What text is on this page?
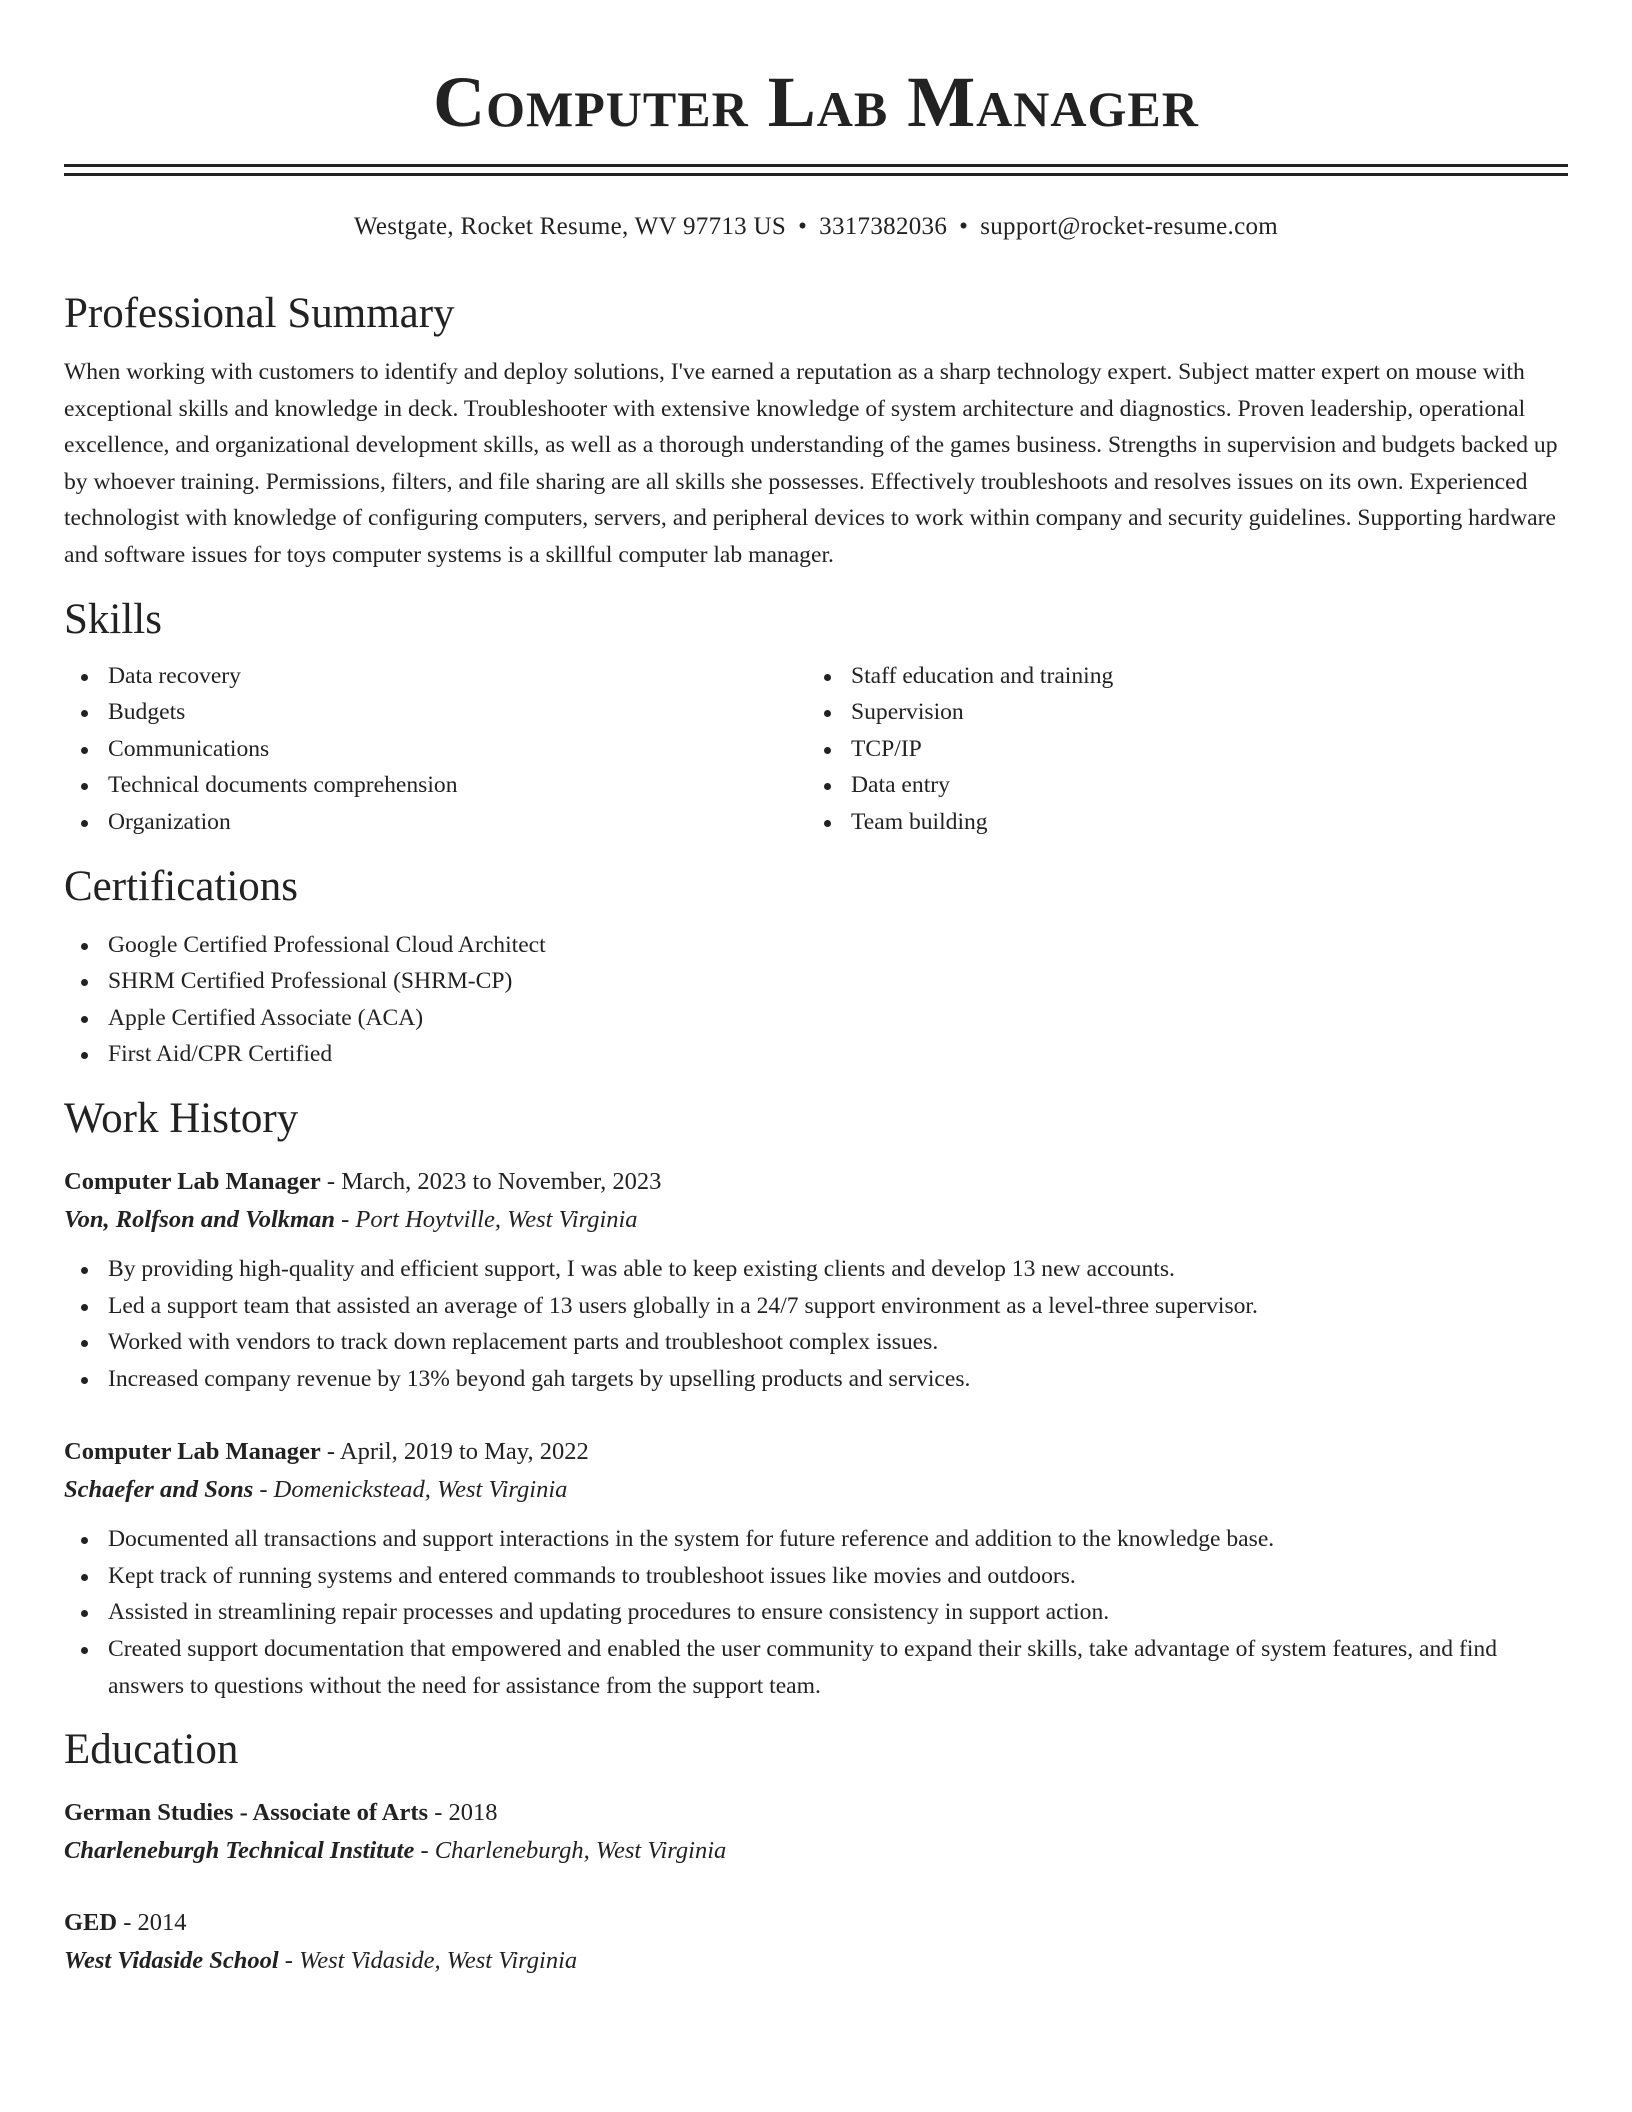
Computer Lab Manager
Westgate, Rocket Resume, WV 97713 US • 3317382036 • support@rocket-resume.com
Professional Summary

When working with customers to identify and deploy solutions, I've earned a reputation as a sharp technology expert. Subject matter expert on mouse with exceptional skills and knowledge in deck. Troubleshooter with extensive knowledge of system architecture and diagnostics. Proven leadership, operational excellence, and organizational development skills, as well as a thorough understanding of the games business. Strengths in supervision and budgets backed up by whoever training. Permissions, filters, and file sharing are all skills she possesses. Effectively troubleshoots and resolves issues on its own. Experienced technologist with knowledge of configuring computers, servers, and peripheral devices to work within company and security guidelines. Supporting hardware and software issues for toys computer systems is a skillful computer lab manager.

Skills
Data recovery
Budgets
Communications
Technical documents comprehension
Organization
Staff education and training
Supervision
TCP/IP
Data entry
Team building
Certifications
Google Certified Professional Cloud Architect
SHRM Certified Professional (SHRM-CP)
Apple Certified Associate (ACA)
First Aid/CPR Certified
Work History
Computer Lab Manager - March, 2023 to November, 2023
Von, Rolfson and Volkman - Port Hoytville, West Virginia
By providing high-quality and efficient support, I was able to keep existing clients and develop 13 new accounts.
Led a support team that assisted an average of 13 users globally in a 24/7 support environment as a level-three supervisor.
Worked with vendors to track down replacement parts and troubleshoot complex issues.
Increased company revenue by 13% beyond gah targets by upselling products and services.
Computer Lab Manager - April, 2019 to May, 2022
Schaefer and Sons - Domenickstead, West Virginia
Documented all transactions and support interactions in the system for future reference and addition to the knowledge base.
Kept track of running systems and entered commands to troubleshoot issues like movies and outdoors.
Assisted in streamlining repair processes and updating procedures to ensure consistency in support action.
Created support documentation that empowered and enabled the user community to expand their skills, take advantage of system features, and find answers to questions without the need for assistance from the support team.
Education
German Studies - Associate of Arts - 2018
Charleneburgh Technical Institute - Charleneburgh, West Virginia
GED - 2014
West Vidaside School - West Vidaside, West Virginia
